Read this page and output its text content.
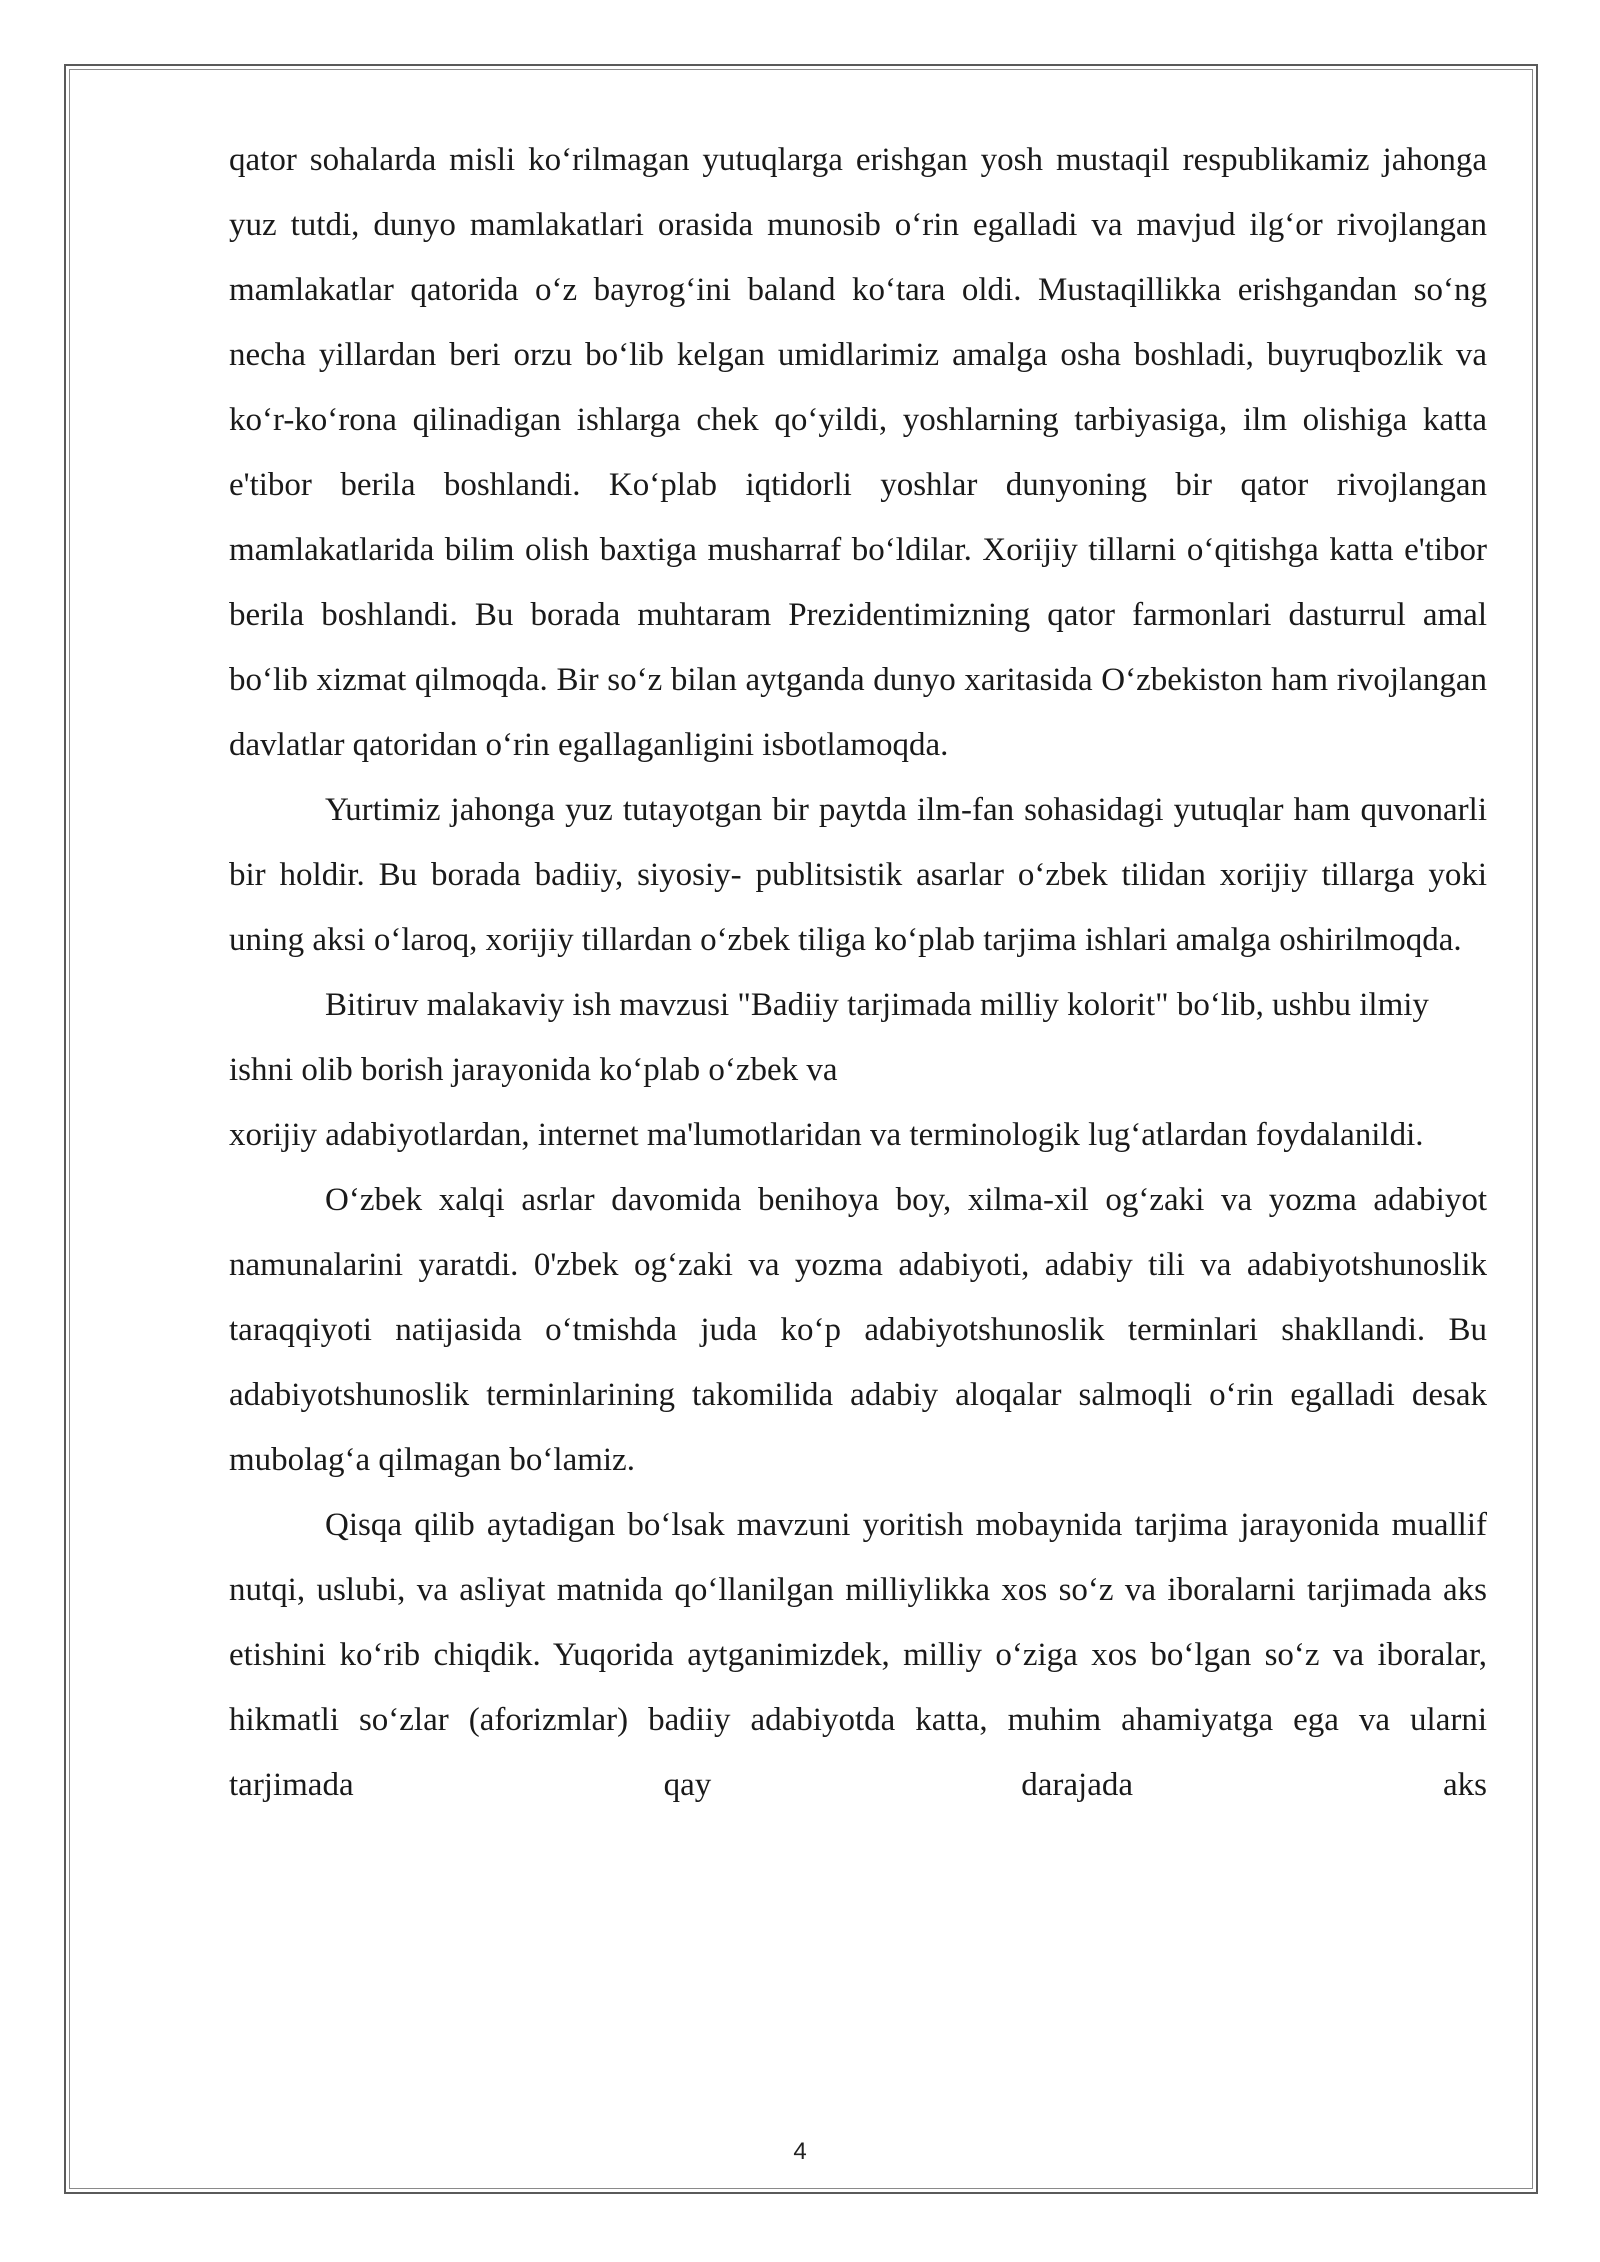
qator sohalarda misli ko‘rilmagan yutuqlarga erishgan yosh mustaqil respublikamiz jahonga yuz tutdi, dunyo mamlakatlari orasida munosib o‘rin egalladi va mavjud ilg‘or rivojlangan mamlakatlar qatorida o‘z bayrog‘ini baland ko‘tara oldi. Mustaqillikka erishgandan so‘ng necha yillardan beri orzu bo‘lib kelgan umidlarimiz amalga osha boshladi, buyruqbozlik va ko‘r-ko‘rona qilinadigan ishlarga chek qo‘yildi, yoshlarning tarbiyasiga, ilm olishiga katta e'tibor berila boshlandi. Ko‘plab iqtidorli yoshlar dunyoning bir qator rivojlangan mamlakatlarida bilim olish baxtiga musharraf bo‘ldilar. Xorijiy tillarni o‘qitishga katta e'tibor berila boshlandi. Bu borada muhtaram Prezidentimizning qator farmonlari dasturrul amal bo‘lib xizmat qilmoqda. Bir so‘z bilan aytganda dunyo xaritasida O‘zbekiston ham rivojlangan davlatlar qatoridan o‘rin egallaganligini isbotlamoqda.

Yurtimiz jahonga yuz tutayotgan bir paytda ilm-fan sohasidagi yutuqlar ham quvonarli bir holdir. Bu borada badiiy, siyosiy- publitsistik asarlar o‘zbek tilidan xorijiy tillarga yoki uning aksi o‘laroq, xorijiy tillardan o‘zbek tiliga ko‘plab tarjima ishlari amalga oshirilmoqda.

Bitiruv malakaviy ish mavzusi "Badiiy tarjimada milliy kolorit" bo‘lib, ushbu ilmiy ishni olib borish jarayonida ko‘plab o‘zbek va

xorijiy adabiyotlardan, internet ma'lumotlaridan va terminologik lug‘atlardan foydalanildi.

O‘zbek xalqi asrlar davomida benihoya boy, xilma-xil og‘zaki va yozma adabiyot namunalarini yaratdi. 0'zbek og‘zaki va yozma adabiyoti, adabiy tili va adabiyotshunoslik taraqqiyoti natijasida o‘tmishda juda ko‘p adabiyotshunoslik terminlari shakllandi. Bu adabiyotshunoslik terminlarining takomilida adabiy aloqalar salmoqli o‘rin egalladi desak mubolag‘a qilmagan bo‘lamiz.

Qisqa qilib aytadigan bo‘lsak mavzuni yoritish mobaynida tarjima jarayonida muallif nutqi, uslubi, va asliyat matnida qo‘llanilgan milliylikka xos so‘z va iboralarni tarjimada aks etishini ko‘rib chiqdik. Yuqorida aytganimizdek, milliy o‘ziga xos bo‘lgan so‘z va iboralar, hikmatli so‘zlar (aforizmlar) badiiy adabiyotda katta, muhim ahamiyatga ega va ularni tarjimada qay darajada aks

4
